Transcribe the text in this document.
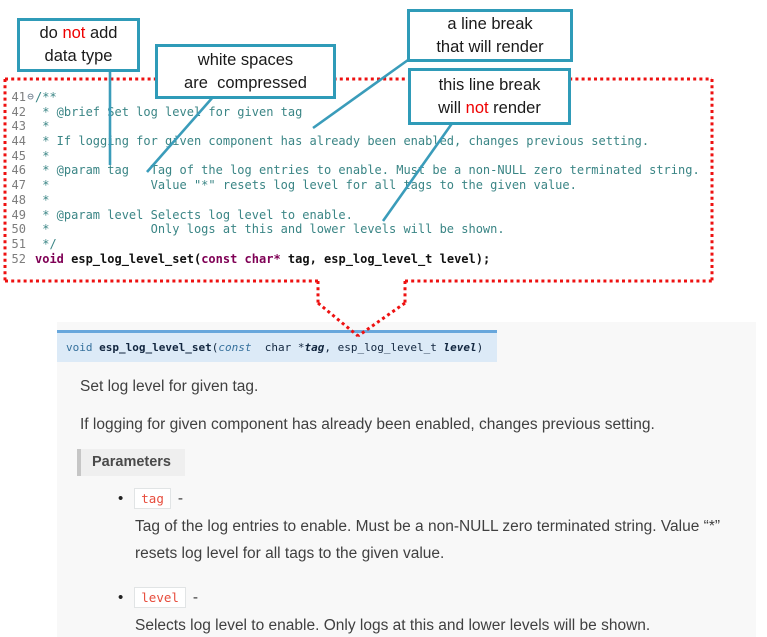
void
esp_log_level_set ( const char * tag , esp_log_level_t level )

Set log level for given tag.

If logging for given component has already been enabled, changes previous setting.

Parameters
•	tag -
Tag of the log entries to enable. Must be a non-NULL zero terminated string. Value “*” resets log level for all tags to the given value.
•	level -
Selects log level to enable. Only logs at this and lower levels will be shown.
41 ⊖ /**
42 * @brief Set log level for given tag
43 *
44 * If logging for given component has already been enabled, changes previous setting.
45 *
46 * @param tag   Tag of the log entries to enable. Must be a non-NULL zero terminated string.
47 *              Value "*" resets log level for all tags to the given value.
48 *
49 * @param level Selects log level to enable.
50 *              Only logs at this and lower levels will be shown.
51 */
52 void esp_log_level_set(const char* tag, esp_log_level_t level);
do not add
data type	white spaces
are  compressed
a line break
that will render
this line break
will not render
